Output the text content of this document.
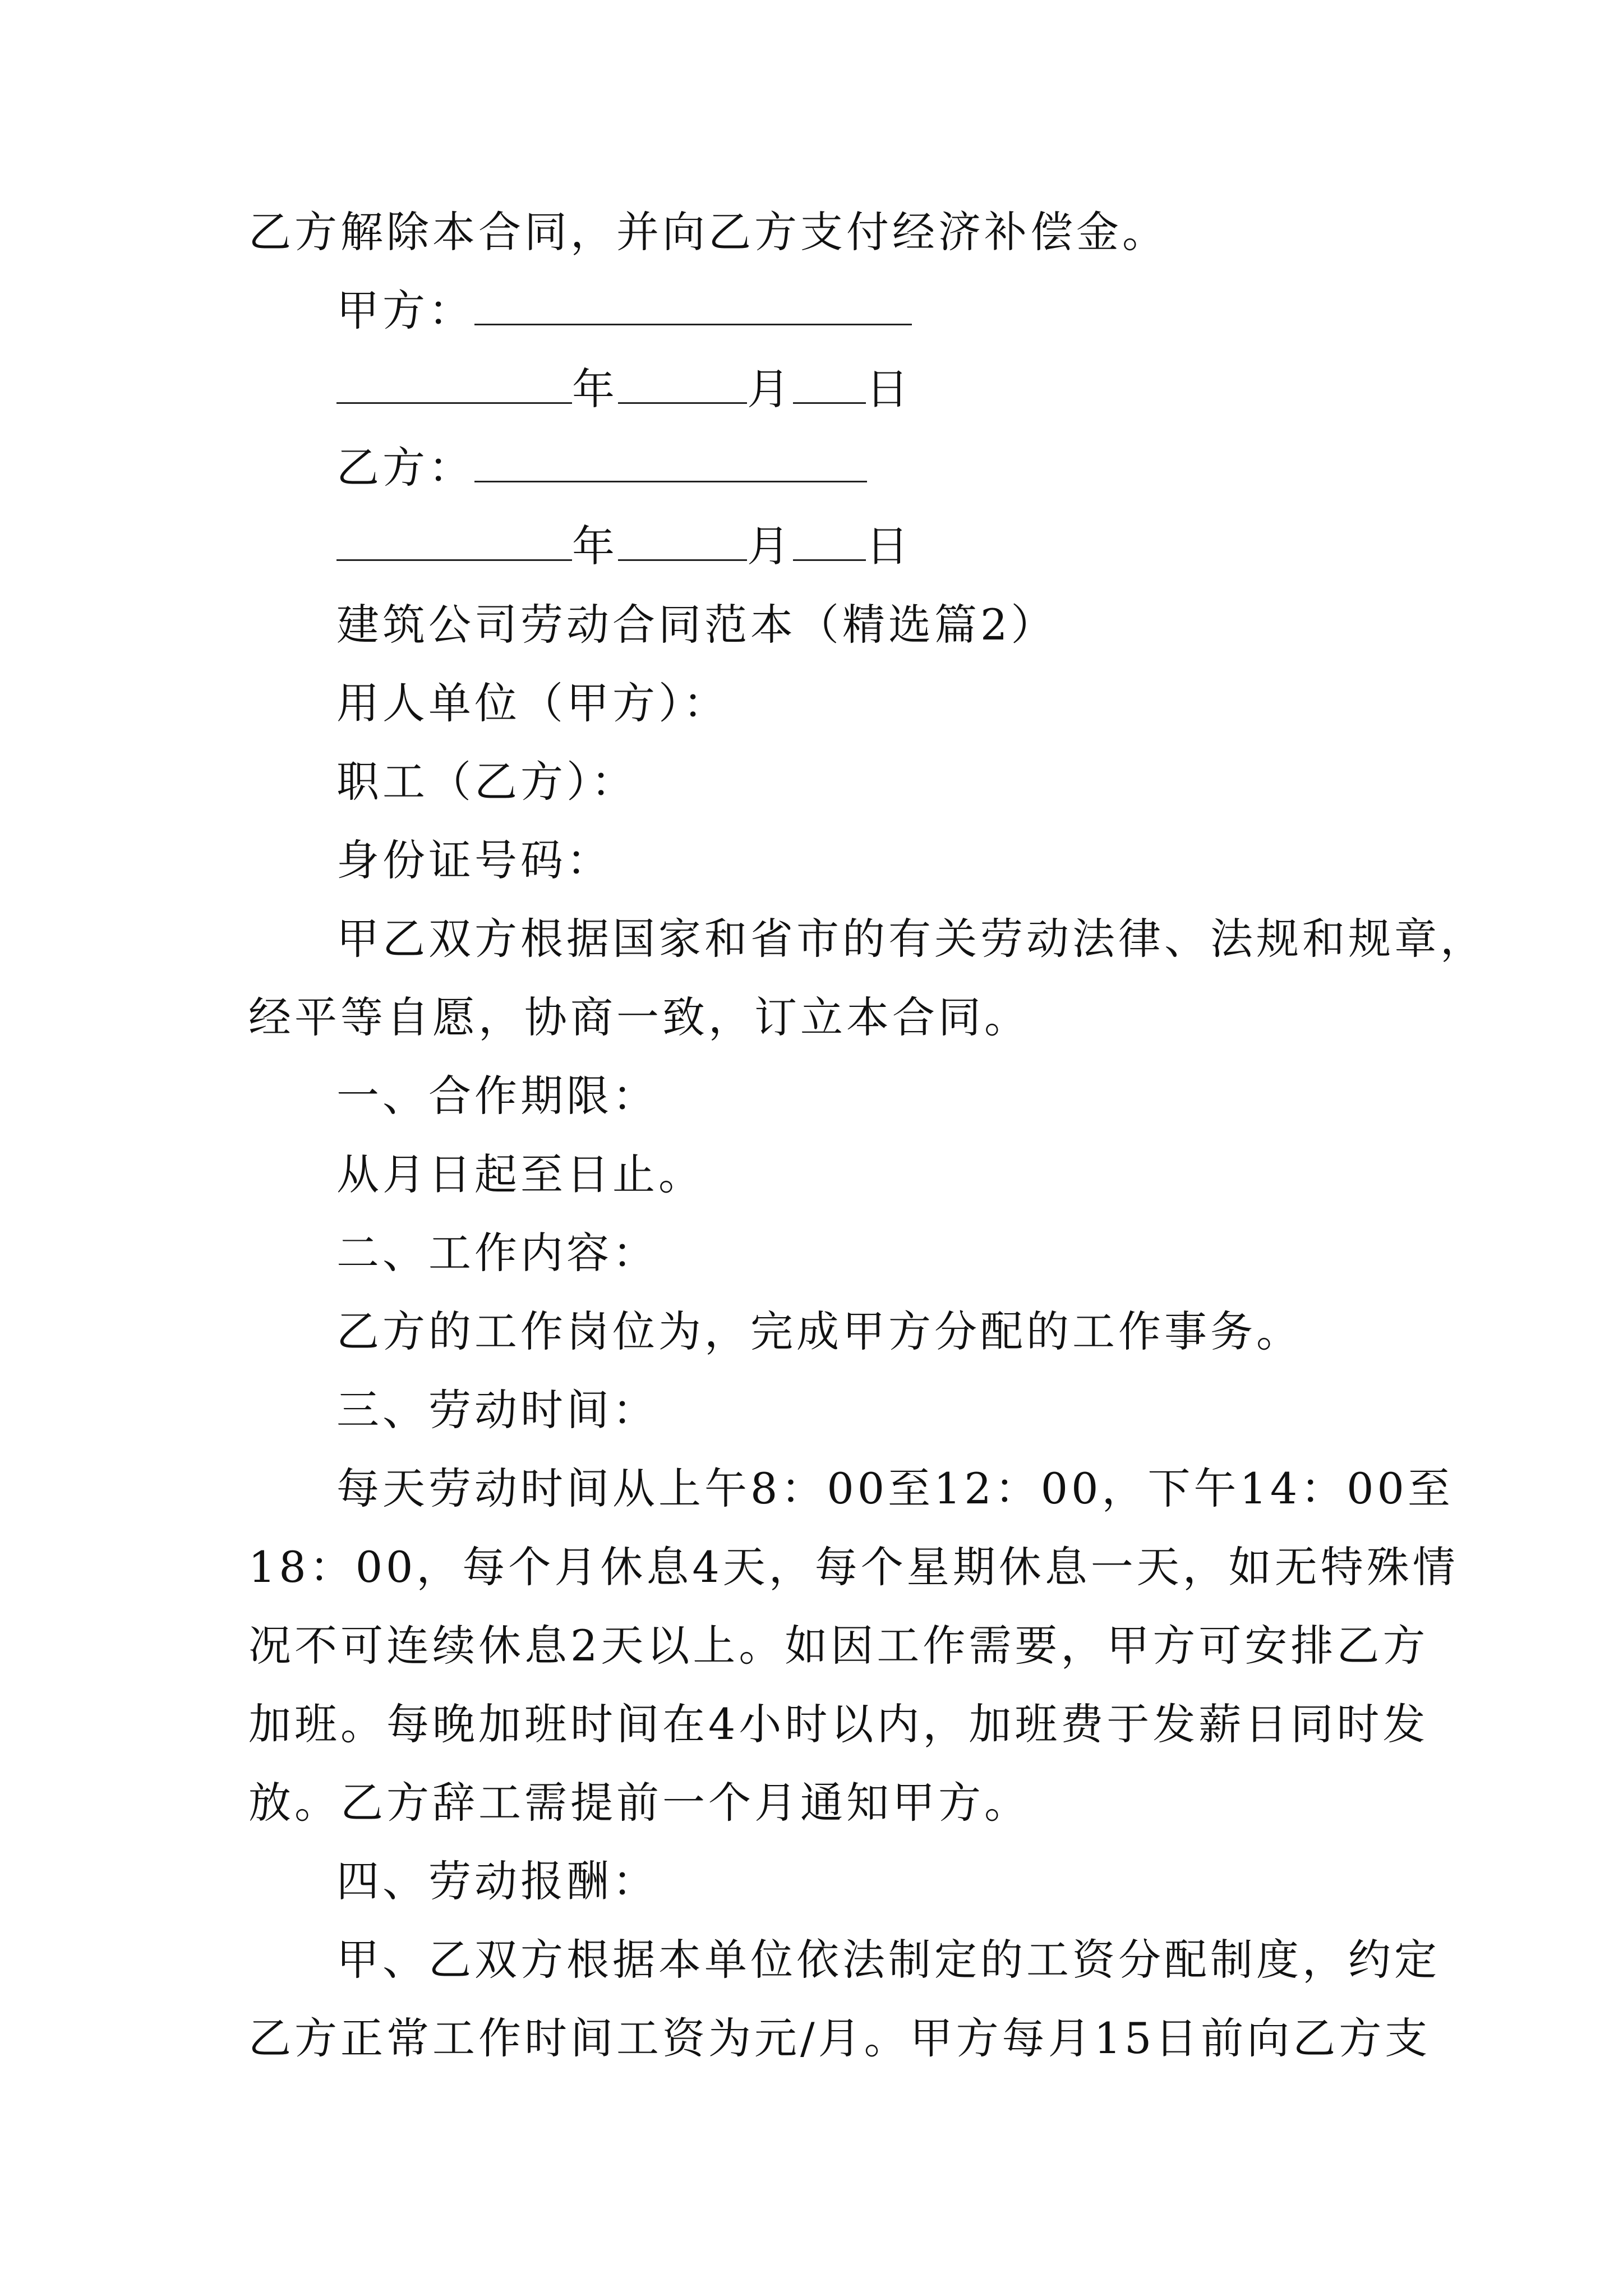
乙方解除本合同，并向乙方支付经济补偿金。
甲方：
年	月 日
乙方：
年	月 日
建筑公司劳动合同范本（精选篇2）
用人单位（甲方）：
职工（乙方）：
身份证号码：
甲乙双方根据国家和省市的有关劳动法律、法规和规章，
经平等自愿，协商一致，订立本合同。
一、合作期限：
从月日起至日止。
二、工作内容：
乙方的工作岗位为，完成甲方分配的工作事务。
三、劳动时间：
每天劳动时间从上午8：00至12：00，下午14：00至
18：00，每个月休息4天，每个星期休息一天，如无特殊情
况不可连续休息2天以上。如因工作需要，甲方可安排乙方
加班。每晚加班时间在4小时以内，加班费于发薪日同时发
放。乙方辞工需提前一个月通知甲方。
四、劳动报酬：
甲、乙双方根据本单位依法制定的工资分配制度，约定
乙方正常工作时间工资为元/月。甲方每月15日前向乙方支
